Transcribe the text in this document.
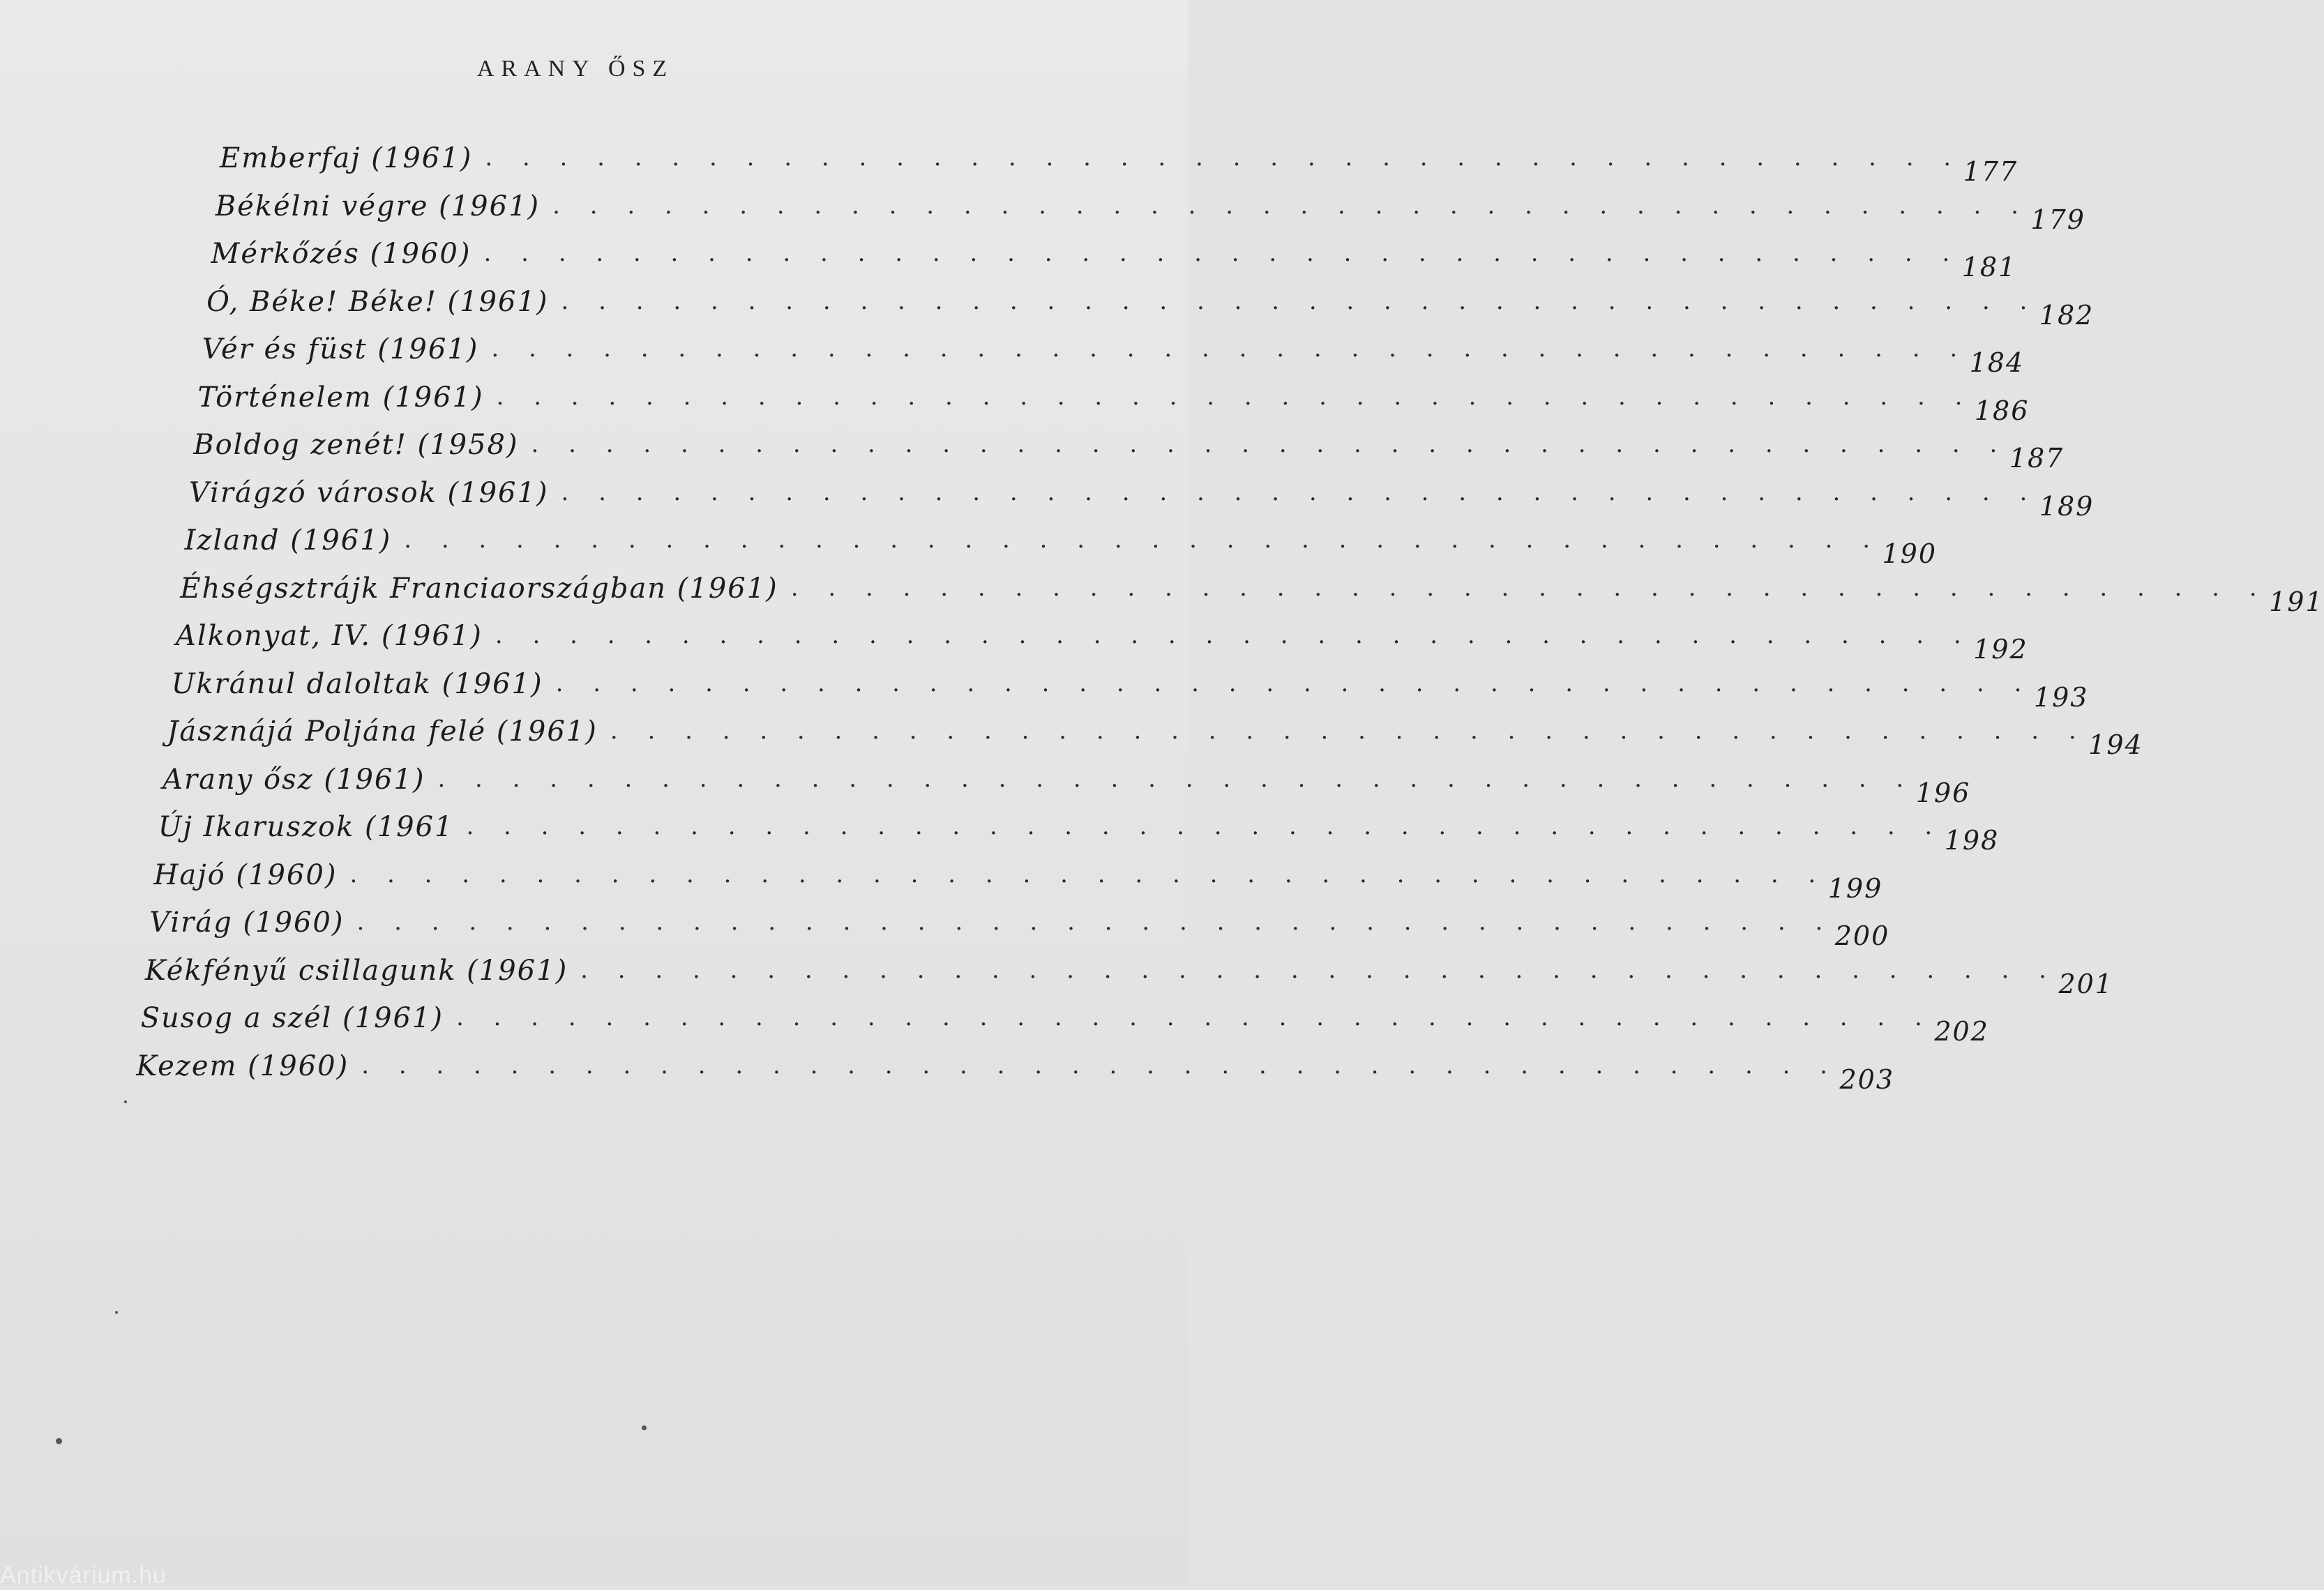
ARANY ŐSZ
Emberfaj (1961) . . . . . . . . . . . . . . . . . . . . . . . . . . . . . . . . . . . . . . . . 177
Békélni végre (1961) . . . . . . . . . . . . . . . . . . . . . . . . . . . . . . . . . . . . . . . . 179
Mérkőzés (1960) . . . . . . . . . . . . . . . . . . . . . . . . . . . . . . . . . . . . . . . . 181
Ó, Béke! Béke! (1961) . . . . . . . . . . . . . . . . . . . . . . . . . . . . . . . . . . . . . . . . 182
Vér és füst (1961) . . . . . . . . . . . . . . . . . . . . . . . . . . . . . . . . . . . . . . . . 184
Történelem (1961) . . . . . . . . . . . . . . . . . . . . . . . . . . . . . . . . . . . . . . . . 186
Boldog zenét! (1958) . . . . . . . . . . . . . . . . . . . . . . . . . . . . . . . . . . . . . . . . 187
Virágzó városok (1961) . . . . . . . . . . . . . . . . . . . . . . . . . . . . . . . . . . . . . . . . 189
Izland (1961) . . . . . . . . . . . . . . . . . . . . . . . . . . . . . . . . . . . . . . . . 190
Éhségsztrájk Franciaországban (1961) . . . . . . . . . . . . . . . . . . . . . . . . . . . . . . . . . . . . . . . . 191
Alkonyat, IV. (1961) . . . . . . . . . . . . . . . . . . . . . . . . . . . . . . . . . . . . . . . . 192
Ukránul daloltak (1961) . . . . . . . . . . . . . . . . . . . . . . . . . . . . . . . . . . . . . . . . 193
Jásznájá Poljána felé (1961) . . . . . . . . . . . . . . . . . . . . . . . . . . . . . . . . . . . . . . . . 194
Arany ősz (1961) . . . . . . . . . . . . . . . . . . . . . . . . . . . . . . . . . . . . . . . . 196
Új Ikaruszok (1961 . . . . . . . . . . . . . . . . . . . . . . . . . . . . . . . . . . . . . . . . 198
Hajó (1960) . . . . . . . . . . . . . . . . . . . . . . . . . . . . . . . . . . . . . . . . 199
Virág (1960) . . . . . . . . . . . . . . . . . . . . . . . . . . . . . . . . . . . . . . . . 200
Kékfényű csillagunk (1961) . . . . . . . . . . . . . . . . . . . . . . . . . . . . . . . . . . . . . . . . 201
Susog a szél (1961) . . . . . . . . . . . . . . . . . . . . . . . . . . . . . . . . . . . . . . . . 202
Kezem (1960) . . . . . . . . . . . . . . . . . . . . . . . . . . . . . . . . . . . . . . . . 203
Antikvárium.hu
